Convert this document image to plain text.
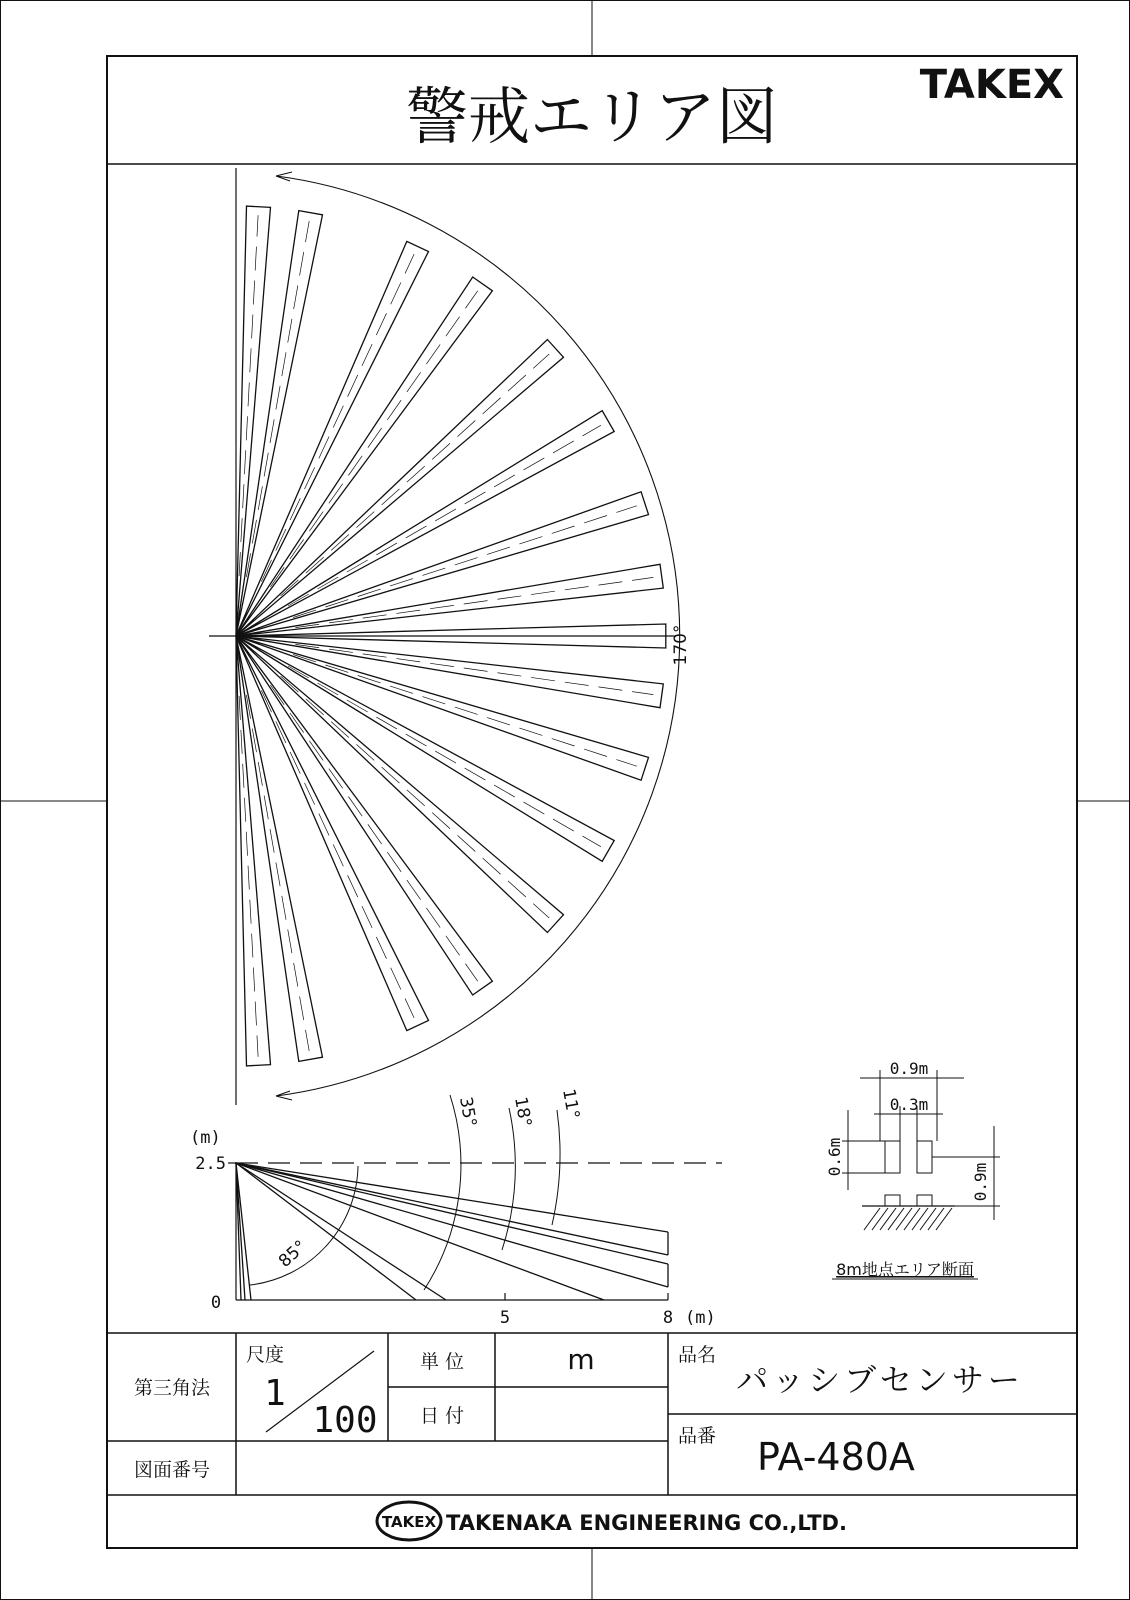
警戒エリア図	TAKEX
170°
(m)
2.5
0
5	8 (m)
35° 18° 11°
85°
0.9m
0.3m
0.6m
0.9m
8m地点エリア断面
第三角法
尺度
1
100
単 位	m
日 付
図面番号
品名
パッシブセンサー
品番 PA-480A
TAKEX TAKENAKA ENGINEERING CO.,LTD.
